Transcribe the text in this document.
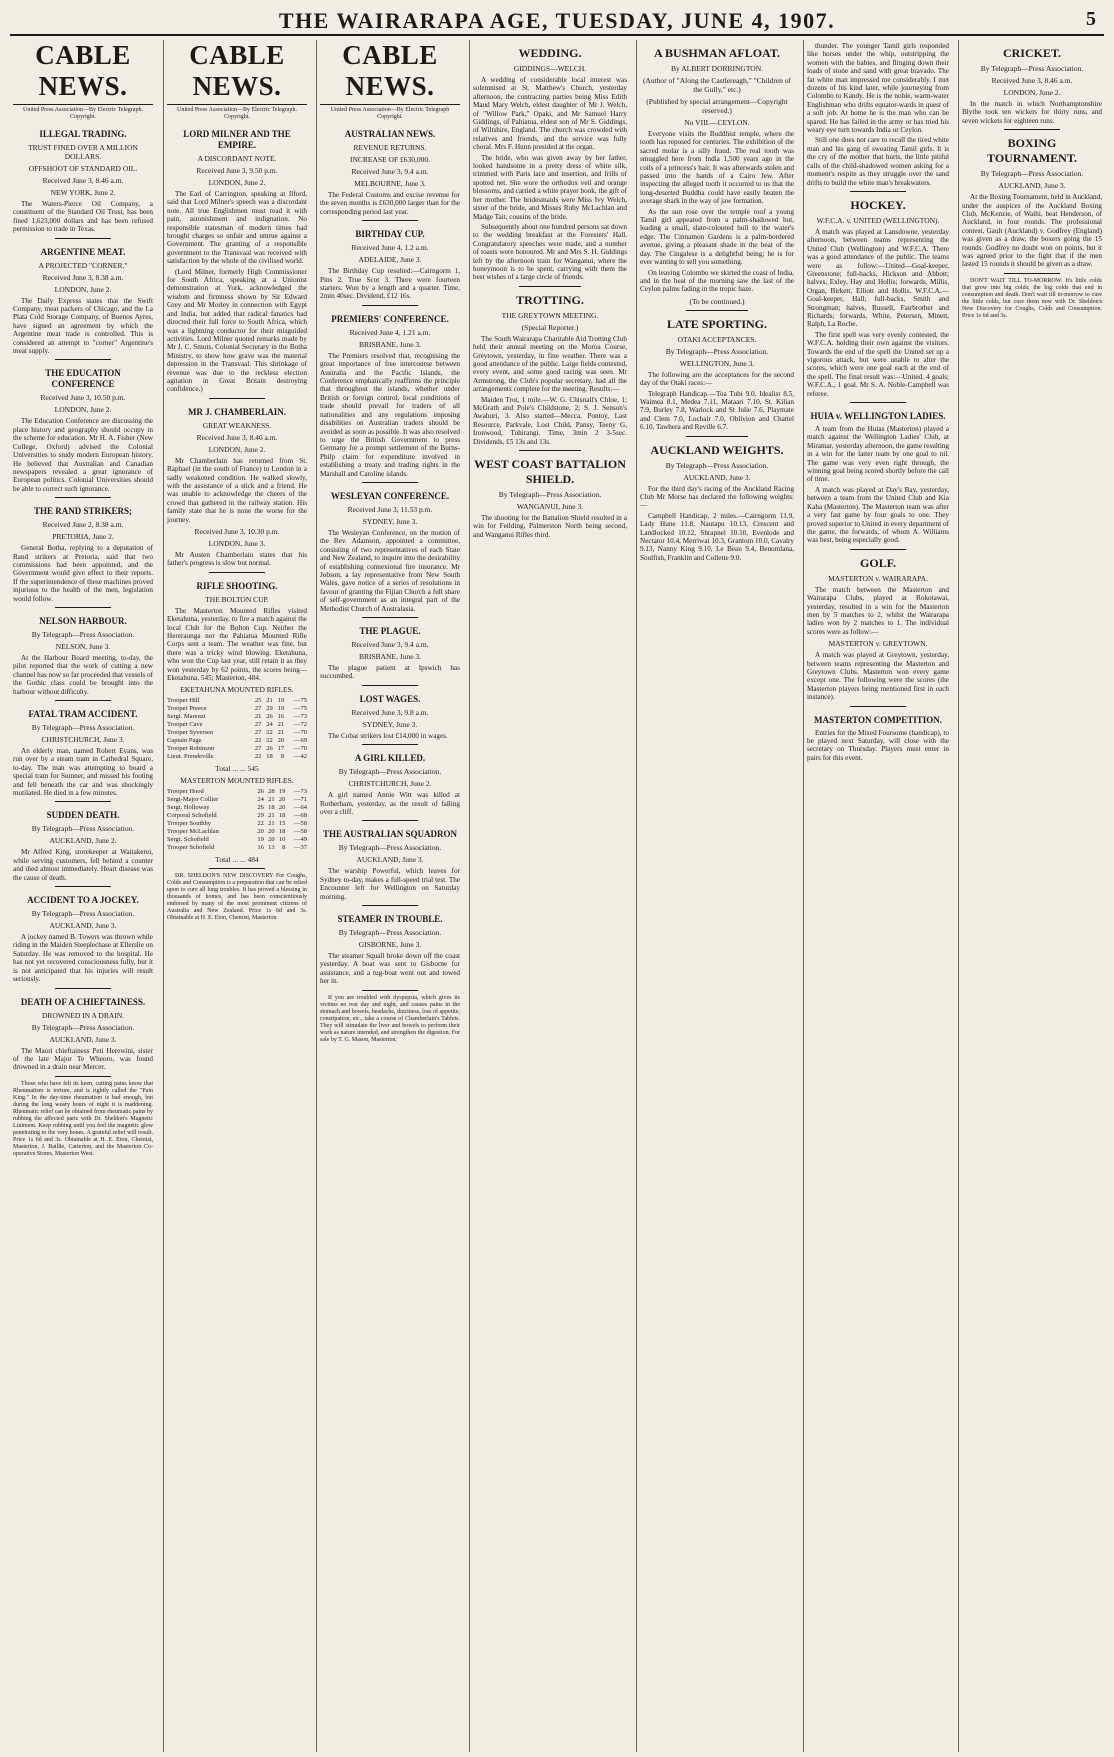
THE WAIRARAPA AGE, TUESDAY, JUNE 4, 1907.	5
CABLE NEWS.
United Press Association—By Electric Telegraph. Copyright.
ILLEGAL TRADING.
TRUST FINED OVER A MILLION DOLLARS.
OFFSHOOT OF STANDARD OIL.
Received June 3, 8.46 a.m.
NEW YORK, June 2.

The Waters-Pierce Oil Company, a constituent of the Standard Oil Trust, has been fined 1,623,000 dollars and has been refused permission to trade in Texas.

ARGENTINE MEAT.
A PROJECTED "CORNER."
Received June 3, 8.38 a.m.
LONDON, June 2.

The Daily Express states that the Swift Company, meat packers of Chicago, and the La Plata Cold Storage Company, of Buenos Ayres, have signed an agreement by which the Argentine meat trade is controlled. This is considered an attempt to "corner" Argentine's meat supply.

THE EDUCATION CONFERENCE
Received June 3, 10.50 p.m.
LONDON, June 2.

The Education Conference are discussing the place history and geography should occupy in the scheme for education. Mr H. A. Fisher (New College, Oxford) advised the Colonial Universities to study modern European history. He believed that Australian and Canadian newspapers revealed a great ignorance of European politics. Colonial Universities should be able to correct such ignorance.

THE RAND STRIKERS;
Received June 2, 8.38 a.m.
PRETORIA, June 2.

General Botha, replying to a deputation of Rand strikers at Pretoria, said that two commissions had been appointed, and the Government would give effect to their reports. If the superintendence of these machines proved injurious to the health of the men, legislation would follow.

NELSON HARBOUR.
By Telegraph—Press Association.
NELSON, June 3.

At the Harbour Board meeting, to-day, the pilot reported that the work of cutting a new channel has now so far proceeded that vessels of the Gothic class could be brought into the harbour without difficulty.

FATAL TRAM ACCIDENT.
By Telegraph—Press Association.
CHRISTCHURCH, June 3.

An elderly man, named Robert Evans, was run over by a steam tram in Cathedral Square, to-day. The man was attempting to board a special tram for Sumner, and missed his footing and fell beneath the car and was shockingly mutilated. He died in a few minutes.

SUDDEN DEATH.
By Telegraph—Press Association.
AUCKLAND, June 2.

Mr Alfred King, storekeeper at Waitakerei, while serving customers, fell behind a counter and died almost immediately. Heart disease was the cause of death.

ACCIDENT TO A JOCKEY.
By Telegraph—Press Association.
AUCKLAND, June 3.

A jockey named B. Towers was thrown while riding in the Maiden Steeplechase at Ellerslie on Saturday. He was removed to the hospital. He has not yet recovered consciousness fully, but it is not anticipated that his injuries will result seriously.

DEATH OF A CHIEFTAINESS.
DROWNED IN A DRAIN.
By Telegraph—Press Association.
AUCKLAND, June 3.

The Maori chieftainess Peti Herewini, sister of the late Major Te Wheoro, was found drowned in a drain near Mercer.

Those who have felt its keen, cutting pains know that Rheumatism is torture, and is rightly called the "Pain King." In the day-time rheumatism is bad enough, but during the long weary hours of night it is maddening. Rheumatic relief can be obtained from rheumatic pains by rubbing the affected parts with Dr. Sheldon's Magnetic Liniment. Keep rubbing until you feel the magnetic glow penetrating to the very bones. A grateful relief will result. Price 1s 6d and 3s. Obtainable at H. E. Eton, Chemist, Masterton, J. Baillie, Carterton, and the Masterton Co-operative Stores, Masterton West.

CABLE NEWS.
United Press Association—By Electric Telegraph. Copyright.
LORD MILNER AND THE EMPIRE.
A DISCORDANT NOTE.
Received June 3, 9.50 p.m.
LONDON, June 2.

The Earl of Carrington, speaking at Ilford, said that Lord Milner's speech was a discordant note. All true Englishmen must read it with pain, astonishment and indignation. No responsible statesman of modern times had brought charges so unfair and untrue against a Government. The granting of a responsible government to the Transvaal was received with satisfaction by the whole of the civilised world.

(Lord Milner, formerly High Commissioner for South Africa, speaking at a Unionist demonstration at York, acknowledged the wisdom and firmness shown by Sir Edward Grey and Mr Morley in connection with Egypt and India, but added that radical fanatics had directed their full force to South Africa, which was a lightning conductor for their misguided activities. Lord Milner quoted remarks made by Mr J. C. Smuts, Colonial Secretary in the Botha Ministry, to show how grave was the material depression in the Transvaal. This shrinkage of revenue was due to the reckless election agitation in Great Britain destroying confidence.)

MR J. CHAMBERLAIN.
GREAT WEAKNESS.
Received June 3, 8.46 a.m.
LONDON, June 2.

Mr Chamberlain has returned from St. Raphael (in the south of France) to London in a sadly weakened condition. He walked slowly, with the assistance of a stick and a friend. He was unable to acknowledge the cheers of the crowd that gathered in the railway station. His family state that he is none the worse for the journey.

Received June 3, 10.30 p.m.
LONDON, June 3.

Mr Austen Chamberlain states that his father's progress is slow but normal.

RIFLE SHOOTING.
THE BOLTON CUP.

The Masterton Mounted Rifles visited Eketahuna, yesterday, to fire a match against the local Club for the Bolton Cup. Neither the Hereraunga nor the Pahiatua Mounted Rifle Corps sent a team. The weather was fine, but there was a tricky wind blowing. Eketahuna, who won the Cup last year, still retain it as they won yesterday by 62 points, the scores being—Eketahuna, 545; Masterton, 484.

EKETAHUNA MOUNTED RIFLES.
Trooper Hill	25	21	19	—75
Trooper Preece	27	29	19	—75
Sergt. Marenzi	21	26	16	—73
Trooper Cave	27	24	21	—72
Trooper Syversen	27	22	21	—70
Captain Page	22	22	20	—69
Trooper Robinson	27	26	17	—70
Lieut. Prendeville	22	18	8	—42
Total ... ... 545
MASTERTON MOUNTED RIFLES.
Trooper Hood	26	28	19	—73
Sergt-Major Collier	24	21	20	—71
Sergt. Holloway	26	18	20	—64
Corporal Schofield	29	21	18	—68
Trooper Southby	22	21	15	—58
Trooper McLachlan	20	20	18	—58
Sergt. Schofield	19	20	10	—49
Trooper Schofield	16	13	8	—37
Total ... ... 484

DR. SHELDON'S NEW DISCOVERY For Coughs, Colds and Consumption is a preparation that can be relied upon to cure all lung troubles. It has proved a blessing in thousands of homes, and has been conscientiously endorsed by many of the most prominent citizens of Australia and New Zealand. Price 1s 6d and 3s. Obtainable at H. E. Eton, Chemist, Masterton.

CABLE NEWS.
United Press Association—By Electric Telegraph Copyright.
AUSTRALIAN NEWS.
REVENUE RETURNS.
INCREASE OF £630,000.
Received June 3, 9.4 a.m.
MELBOURNE, June 3.

The Federal Customs and excise revenue for the seven months is £630,000 larger than for the corresponding period last year.

BIRTHDAY CUP.
Received June 4, 1.2 a.m.
ADELAIDE, June 3.

The Birthday Cup resulted:—Cairngorm 1, Pins 2, True Scot 3. There were fourteen starters. Won by a length and a quarter. Time, 2min 40sec. Dividend, £12 16s.

PREMIERS' CONFERENCE.
Received June 4, 1.21 a.m.
BRISBANE, June 3.

The Premiers resolved that, recognising the great importance of free intercourse between Australia and the Pacific Islands, the Conference emphatically reaffirms the principle that throughout the islands, whether under British or foreign control, local conditions of trade should prevail for traders of all nationalities and any regulations imposing disabilities on Australian traders should be avoided as soon as possible. It was also resolved to urge the British Government to press Germany for a prompt settlement of the Burns-Philp claim for expenditure involved in establishing a treaty and trading rights in the Marshall and Caroline islands.

WESLEYAN CONFERENCE.
Received June 3, 11.53 p.m.
SYDNEY, June 3.

The Wesleyan Conference, on the motion of the Rev. Adamson, appointed a committee, consisting of two representatives of each State and New Zealand, to inquire into the desirability of establishing connexional fire insurance. Mr Jobson, a lay representative from New South Wales, gave notice of a series of resolutions in favour of granting the Fijian Church a full share of self-government as an integral part of the Methodist Church of Australasia.

THE PLAGUE.
Received June 3, 9.4 a.m.
BRISBANE, June 3.

The plague patient at Ipswich has succumbed.

LOST WAGES.
Received June 3, 9.8 a.m.
SYDNEY, June 3.

The Cobar strikers lost £14,000 in wages.

A GIRL KILLED.
By Telegraph—Press Association.
CHRISTCHURCH, June 2.

A girl named Annie Witt was killed at Rotherham, yesterday, as the result of falling over a cliff.

THE AUSTRALIAN SQUADRON
By Telegraph—Press Association.
AUCKLAND, June 3.

The warship Powerful, which leaves for Sydney to-day, makes a full-speed trial test. The Encounter left for Wellington on Saturday morning.

STEAMER IN TROUBLE.
By Telegraph—Press Association.
GISBORNE, June 3.

The steamer Squall broke down off the coast yesterday. A boat was sent to Gisborne for assistance, and a tug-boat went out and towed her in.

If you are troubled with dyspepsia, which gives its victims no rest day and night, and causes pains in the stomach and bowels, headache, dizziness, loss of appetite, constipation, etc., take a course of Chamberlain's Tablets. They will stimulate the liver and bowels to perform their work as nature intended, and strengthen the digestion. For sale by T. G. Mason, Masterton.

WEDDING.
GIDDINGS—WELCH.

A wedding of considerable local interest was solemnised at St. Matthew's Church, yesterday afternoon, the contracting parties being Miss Edith Maud Mary Welch, eldest daughter of Mr J. Welch, of "Willow Park," Opaki, and Mr Samuel Harry Giddings, of Pahiatua, eldest son of Mr S. Giddings, of Wiltshire, England. The church was crowded with relatives and friends, and the service was fully choral. Mrs F. Hunn presided at the organ.

The bride, who was given away by her father, looked handsome in a pretty dress of white silk, trimmed with Paris lace and insertion, and frills of spotted net. She wore the orthodox veil and orange blossoms, and carried a white prayer book, the gift of her mother. The bridesmaids were Miss Ivy Welch, sister of the bride, and Misses Ruby McLachlan and Madge Tait, cousins of the bride.

Subsequently about one hundred persons sat down to the wedding breakfast at the Foresters' Hall. Congratulatory speeches were made, and a number of toasts were honoured. Mr and Mrs S. H. Giddings left by the afternoon train for Wanganui, where the honeymoon is to be spent, carrying with them the best wishes of a large circle of friends.

TROTTING.
THE GREYTOWN MEETING.
(Special Reporter.)

The South Wairarapa Charitable Aid Trotting Club held their annual meeting on the Moroa Course, Greytown, yesterday, in fine weather. There was a good attendance of the public. Large fields contested, every event, and some good racing was seen. Mr Armstrong, the Club's popular secretary, had all the arrangements complete for the meeting. Results:—

Maiden Trot, 1 mile.—W. G. Chisnall's Chloe, 1; McGrath and Pole's Childstone, 2; S. J. Senson's Awahuri, 3. Also started—Mecca, Pontoy, Last Resource, Parkvale, Lost Child, Pansy, Teeny G, Ironwood, Tuhirangi. Time, 3min 2 3-5sec. Dividends, £5 13s and 13s.

WEST COAST BATTALION SHIELD.
By Telegraph—Press Association.
WANGANUI, June 3.

The shooting for the Battalion Shield resulted in a win for Feilding, Palmerston North being second, and Wanganui Rifles third.

A BUSHMAN AFLOAT.
By ALBERT DORRINGTON.
(Author of "Along the Castlereagh," "Children of the Gully," etc.)
(Published by special arrangement—Copyright reserved.)
No VIII.—CEYLON.

Everyone visits the Buddhist temple, where the tooth has reposed for centuries. The exhibition of the sacred molar is a silly fraud. The real tooth was smuggled here from India 1,500 years ago in the coils of a princess's hair. It was afterwards stolen and passed into the hands of a Cairo Jew. After inspecting the alleged tooth it occurred to us that the long-deserted Buddha could have easily beaten the average shark in the way of jaw formation.

As the sun rose over the temple roof a young Tamil girl appeared from a palm-shadowed hut, leading a small, slate-coloured bull to the water's edge. The Cinnamon Gardens is a palm-bordered avenue, giving a pleasant shade in the heat of the day. The Cingalese is a delightful being; he is for ever wanting to sell you something.

On leaving Colombo we skirted the coast of India, and in the heat of the morning saw the last of the Ceylon palms fading in the tropic haze.

(To be continued.)
LATE SPORTING.
OTAKI ACCEPTANCES.
By Telegraph—Press Association.
WELLINGTON, June 3.

The following are the acceptances for the second day of the Otaki races:—

Telegraph Handicap.—Toa Tubi 9.0, Idealist 8.5, Waimea 8.1, Medea 7.11, Mataari 7.10, St. Kilian 7.9, Burley 7.8, Warlock and St Julie 7.6, Playmate and Clem 7.0, Lochair 7.0, Oblivion and Chattel 6.10, Tawhera and Reville 6.7.

AUCKLAND WEIGHTS.
By Telegraph—Press Association.
AUCKLAND, June 3.

For the third day's racing of the Auckland Racing Club Mr Morse has declared the following weights:—

Campbell Handicap, 2 miles.—Cairngorm 11.9, Lady Hune 11.8, Nautapu 10.13, Crescent and Landlocked 10.12, Shrapnel 10.10, Evenlode and Nectator 10.4, Merriwai 10.3, Grantom 10.0, Cavalry 9.13, Nanny King 9.10, Le Beau 9.4, Benomlana, Soulfish, Franklin and Collette 9.0.

thunder. The younger Tamil girls responded like horses under the whip, outstripping the women with the babies, and flinging down their loads of stone and sand with great bravado. The fat white man impressed me considerably. I met dozens of his kind later, while journeying from Colombo to Kandy. He is the noble, warm-water Englishman who drifts equator-wards in quest of a soft job. At home he is the man who can be spared. He has failed in the army or has tried his weary eye turn towards India or Ceylon.

Still one does not care to recall the tired white man and his gang of sweating Tamil girls. It is the cry of the mother that hurts, the little pitiful calls of the child-shadowed women asking for a moment's respite as they struggle over the sand drifts to build the white man's breakwaters.

HOCKEY.
W.F.C.A. v. UNITED (WELLINGTON).

A match was played at Lansdowne, yesterday afternoon, between teams representing the United Club (Wellington) and W.F.C.A. There was a good attendance of the public. The teams were as follow:—United—Goal-keeper, Greenstone; full-backs, Hickson and Abbott; halves, Exley, Hay and Hollis; forwards, Millis, Organ, Birkett, Elliott and Hollis. W.F.C.A.—Goal-keeper, Hall; full-backs, Smith and Strongman; halves, Russell, Fairbrother and Richards; forwards, White, Petersen, Minett, Ralph, La Roche.

The first spell was very evenly contested, the W.F.C.A. holding their own against the visitors. Towards the end of the spell the United set up a vigorous attack, but were unable to alter the scores, which were one goal each at the end of the spell. The final result was:—United, 4 goals; W.F.C.A., 1 goal. Mr S. A. Noble-Campbell was referee.

HUIA v. WELLINGTON LADIES.

A team from the Huias (Masterton) played a match against the Wellington Ladies' Club, at Miramar, yesterday afternoon, the game resulting in a win for the latter team by one goal to nil. The game was very even right through, the winning goal being scored shortly before the call of time.

A match was played at Day's Bay, yesterday, between a team from the United Club and Kia Kaha (Masterton). The Masterton team was after a very fast game by four goals to one. They proved superior to United in every department of the game, the forwards, of whom A. Williams was best, being especially good.

GOLF.
MASTERTON v. WAIRARAPA.

The match between the Masterton and Wairarapa Clubs, played at Rokotawai, yesterday, resulted in a win for the Masterton men by 5 matches to 2, whilst the Wairarapa ladies won by 2 matches to 1. The individual scores were as follow:—

MASTERTON v. GREYTOWN.

A match was played at Greytown, yesterday, between teams representing the Masterton and Greytown Clubs. Masterton won every game except one. The following were the scores (the Masterton players being mentioned first in each instance).

MASTERTON COMPETITION.

Entries for the Mixed Foursome (handicap), to be played next Saturday, will close with the secretary on Thursday. Players must enter in pairs for this event.

CRICKET.
By Telegraph—Press Association.
Received June 3, 8.46 a.m.
LONDON, June 2.

In the match in which Northamptonshire Blythe took ten wickets for thirty runs, and seven wickets for eighteen runs.

BOXING TOURNAMENT.
By Telegraph—Press Association.
AUCKLAND, June 3.

At the Boxing Tournament, held in Auckland, under the auspices of the Auckland Boxing Club, McKenzie, of Waihi, beat Henderson, of Auckland, in four rounds. The professional contest, Gault (Auckland) v. Godfrey (England) was given as a draw, the boxers going the 15 rounds. Godfrey no doubt won on points, but it was agreed prior to the fight that if the men lasted 15 rounds it should be given as a draw.

DON'T WAIT TILL TO-MORROW. It's little colds that grow into big colds; the big colds that end in consumption and death. Don't wait till to-morrow to cure the little colds, but cure them now with Dr. Sheldon's New Discovery for Coughs, Colds and Consumption. Price 1s 6d and 3s.
